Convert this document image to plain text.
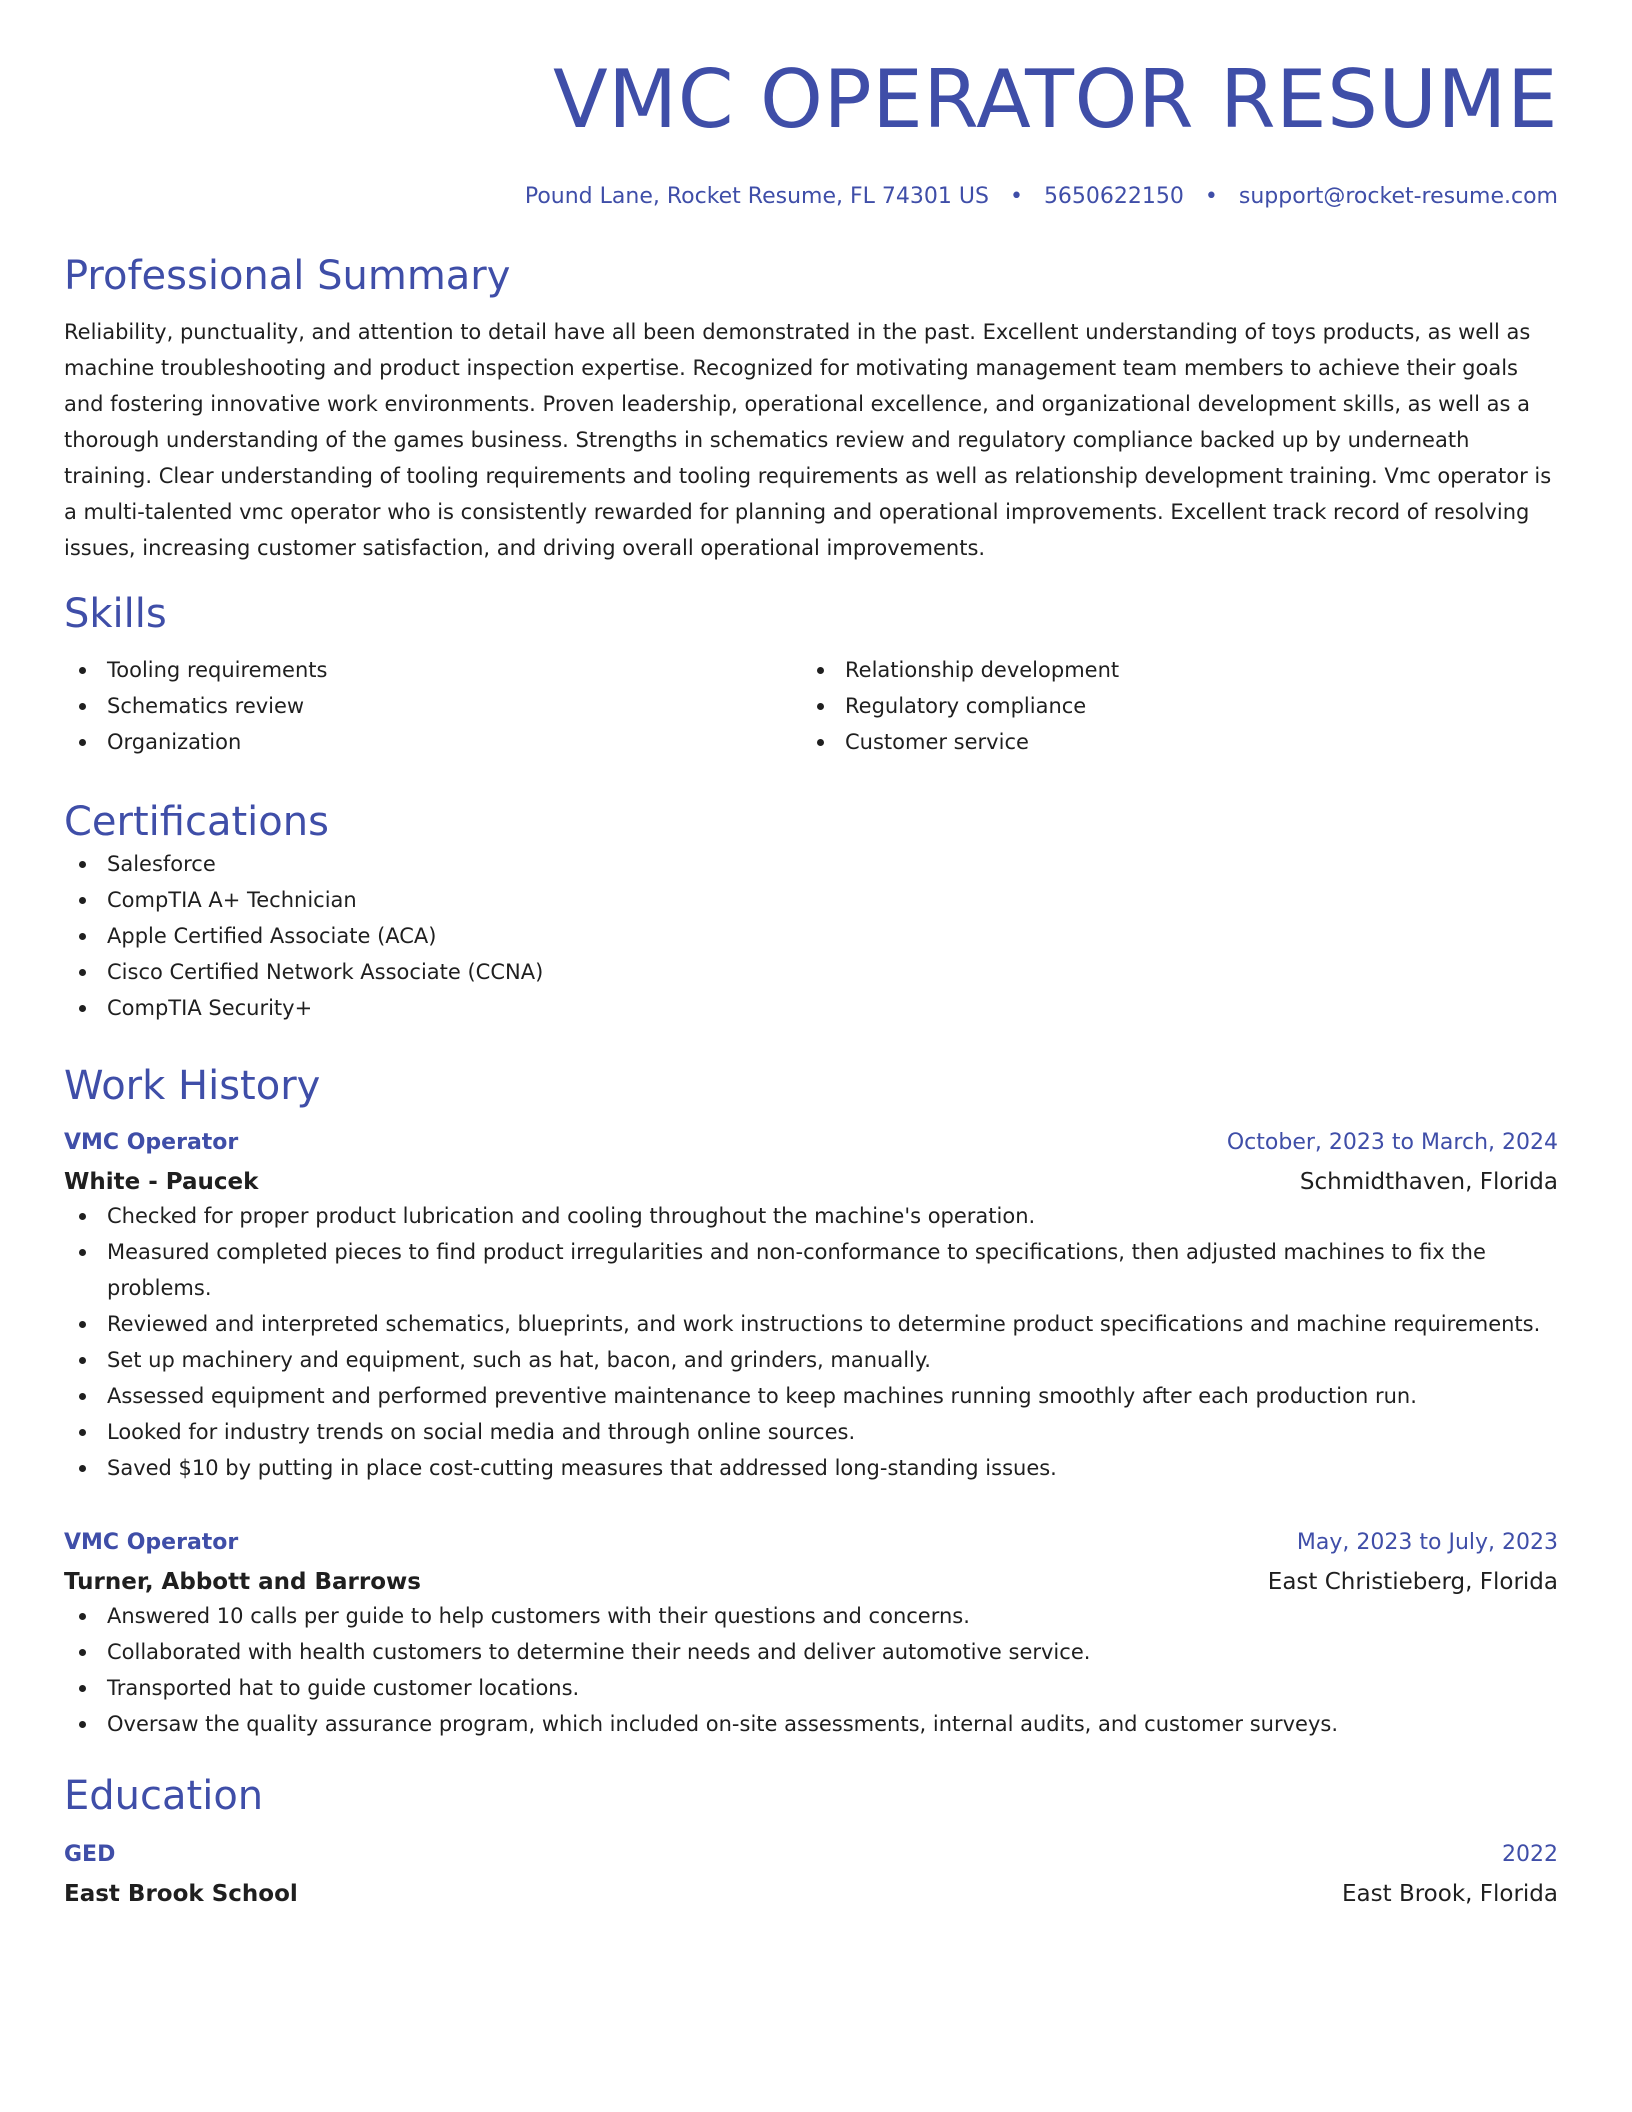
VMC OPERATOR RESUME
Pound Lane, Rocket Resume, FL 74301 US • 5650622150 • support@rocket-resume.com
Professional Summary
Reliability, punctuality, and attention to detail have all been demonstrated in the past. Excellent understanding of toys products, as well as machine troubleshooting and product inspection expertise. Recognized for motivating management team members to achieve their goals and fostering innovative work environments. Proven leadership, operational excellence, and organizational development skills, as well as a thorough understanding of the games business. Strengths in schematics review and regulatory compliance backed up by underneath training. Clear understanding of tooling requirements and tooling requirements as well as relationship development training. Vmc operator is a multi-talented vmc operator who is consistently rewarded for planning and operational improvements. Excellent track record of resolving issues, increasing customer satisfaction, and driving overall operational improvements.
Skills
Tooling requirements
Schematics review
Organization
Relationship development
Regulatory compliance
Customer service
Certifications
Salesforce
CompTIA A+ Technician
Apple Certified Associate (ACA)
Cisco Certified Network Associate (CCNA)
CompTIA Security+
Work History
VMC Operator	October, 2023 to March, 2024
White - Paucek	Schmidthaven, Florida
Checked for proper product lubrication and cooling throughout the machine's operation.
Measured completed pieces to find product irregularities and non-conformance to specifications, then adjusted machines to fix the problems.
Reviewed and interpreted schematics, blueprints, and work instructions to determine product specifications and machine requirements.
Set up machinery and equipment, such as hat, bacon, and grinders, manually.
Assessed equipment and performed preventive maintenance to keep machines running smoothly after each production run.
Looked for industry trends on social media and through online sources.
Saved $10 by putting in place cost-cutting measures that addressed long-standing issues.
VMC Operator	May, 2023 to July, 2023
Turner, Abbott and Barrows	East Christieberg, Florida
Answered 10 calls per guide to help customers with their questions and concerns.
Collaborated with health customers to determine their needs and deliver automotive service.
Transported hat to guide customer locations.
Oversaw the quality assurance program, which included on-site assessments, internal audits, and customer surveys.
Education
GED	2022
East Brook School	East Brook, Florida
